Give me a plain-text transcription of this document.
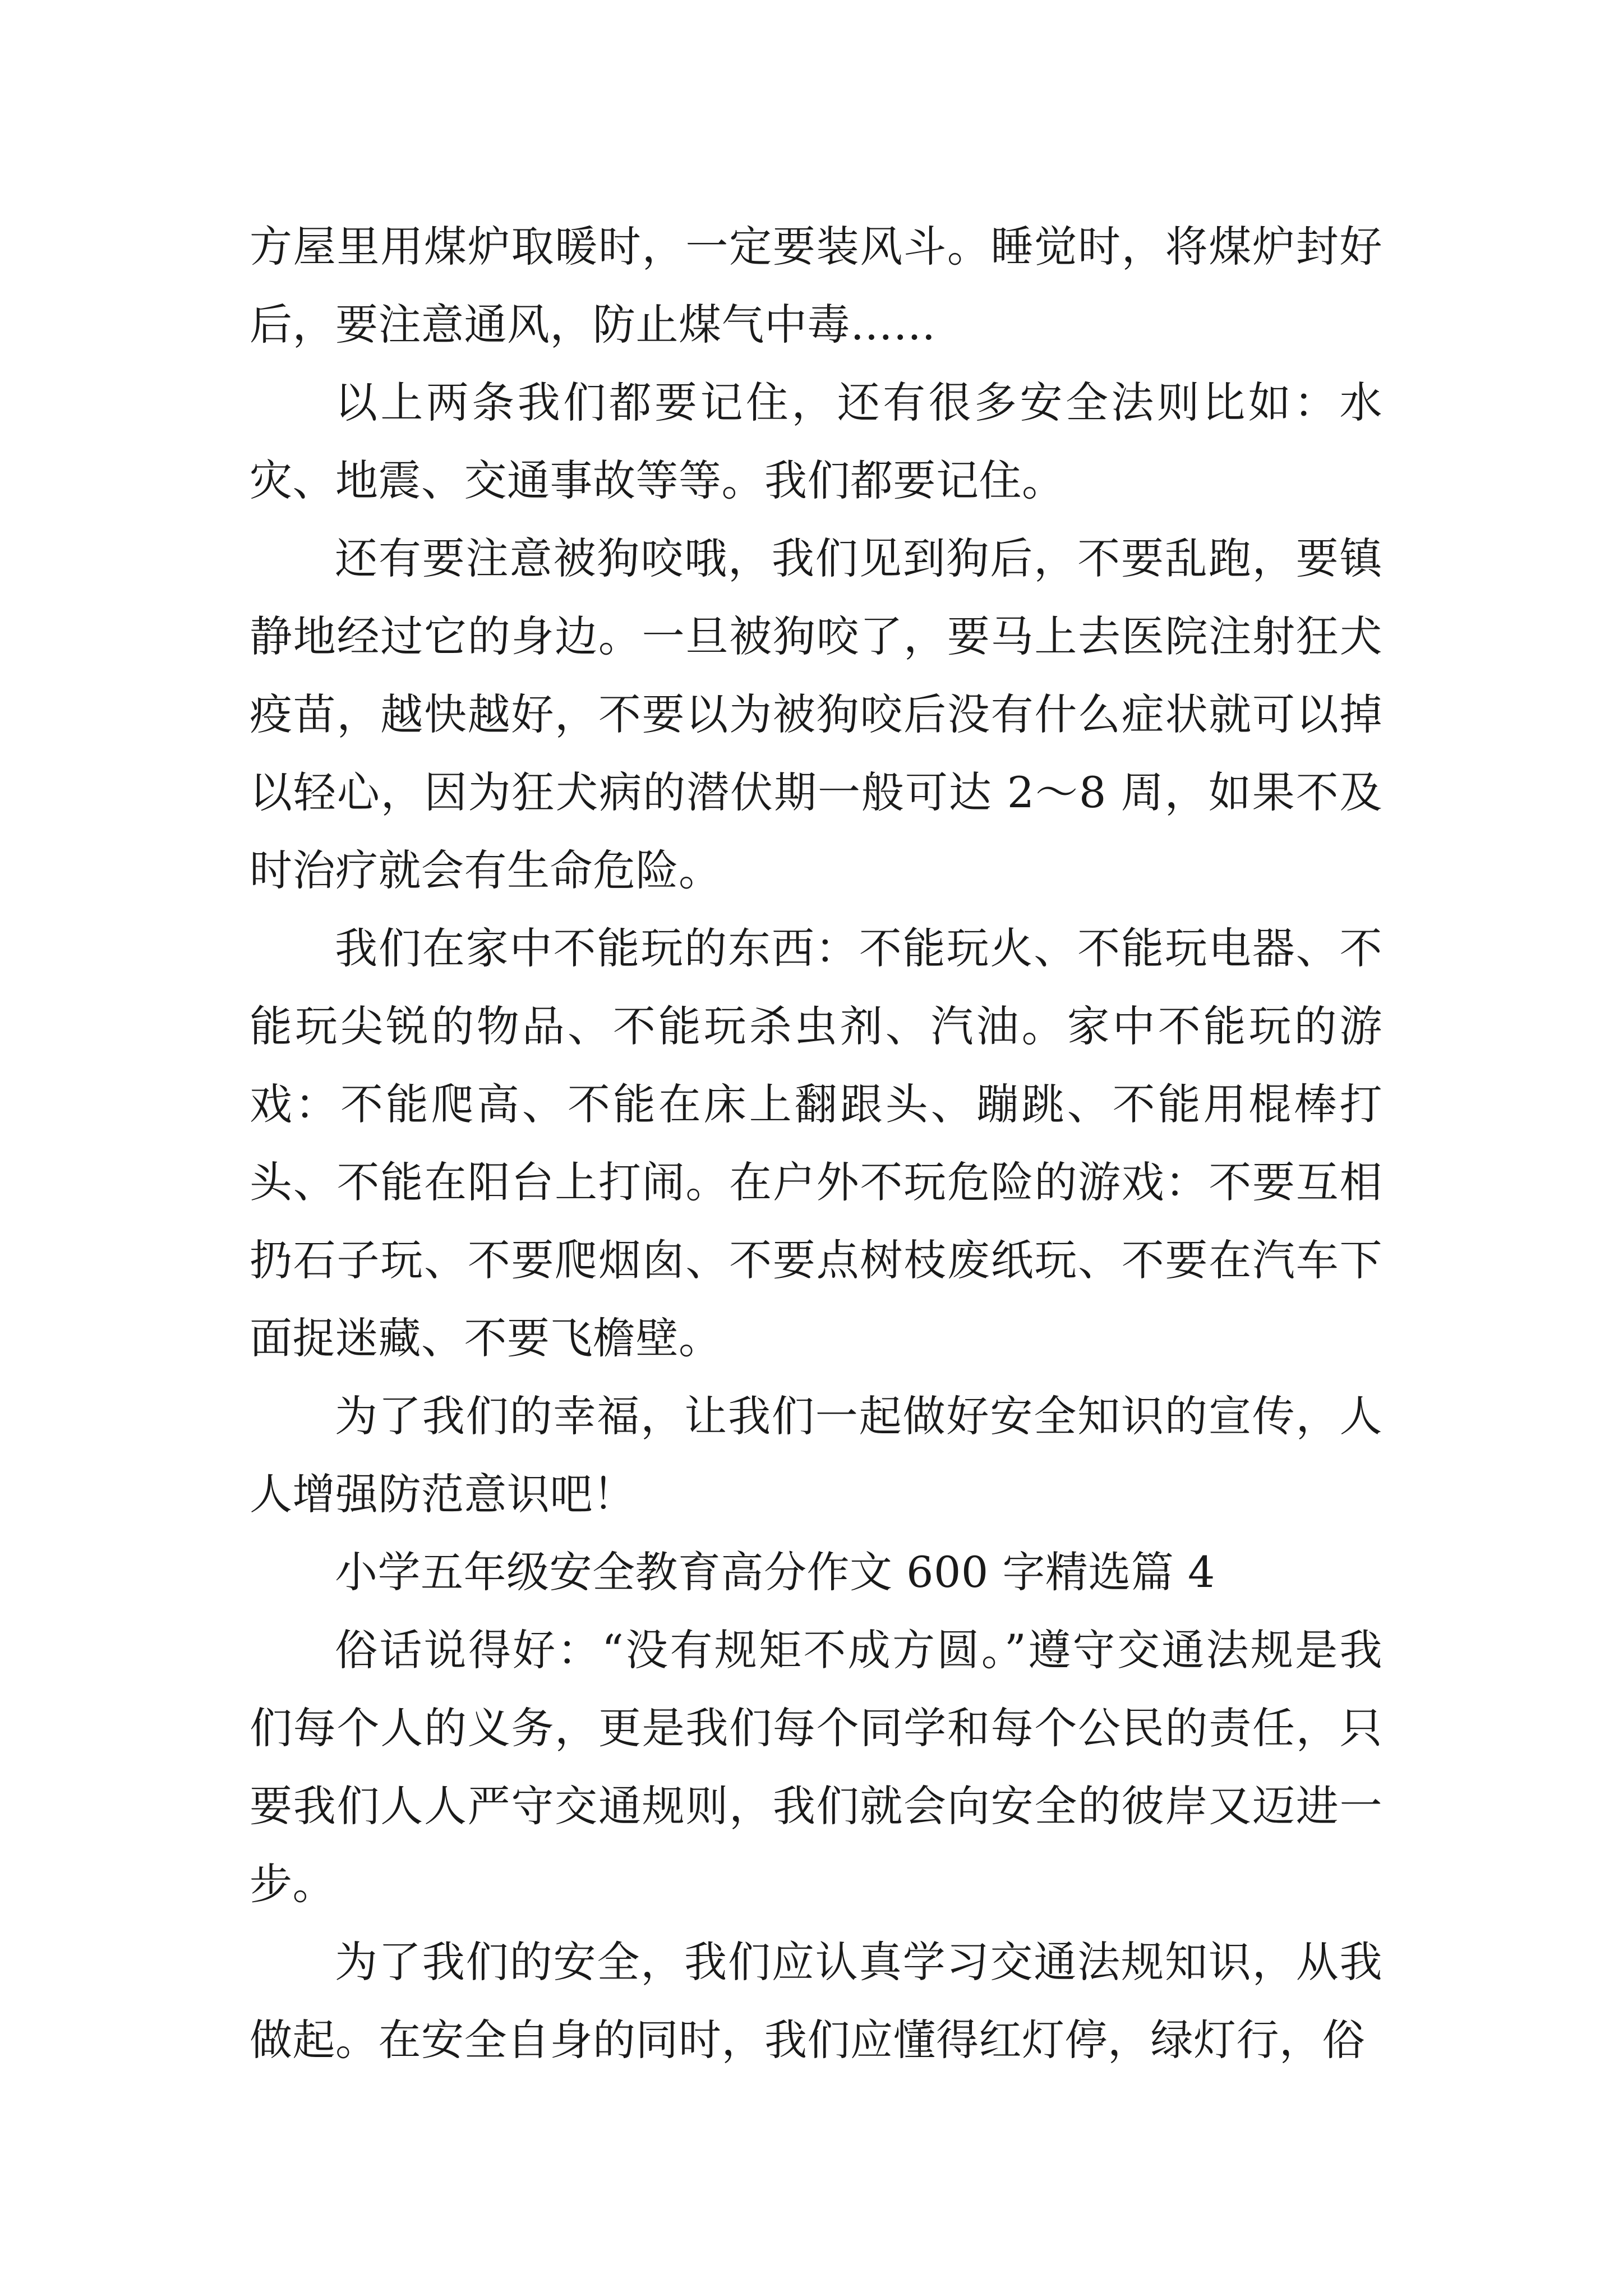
方屋里用煤炉取暖时，一定要装风斗。睡觉时，将煤炉封好后，要注意通风，防止煤气中毒……

以上两条我们都要记住，还有很多安全法则比如：水灾、地震、交通事故等等。我们都要记住。

还有要注意被狗咬哦，我们见到狗后，不要乱跑，要镇静地经过它的身边。一旦被狗咬了，要马上去医院注射狂犬疫苗，越快越好，不要以为被狗咬后没有什么症状就可以掉以轻心，因为狂犬病的潜伏期一般可达 2～8 周，如果不及时治疗就会有生命危险。

我们在家中不能玩的东西：不能玩火、不能玩电器、不能玩尖锐的物品、不能玩杀虫剂、汽油。家中不能玩的游戏：不能爬高、不能在床上翻跟头、蹦跳、不能用棍棒打头、不能在阳台上打闹。在户外不玩危险的游戏：不要互相扔石子玩、不要爬烟囱、不要点树枝废纸玩、不要在汽车下面捉迷藏、不要飞檐壁。

为了我们的幸福，让我们一起做好安全知识的宣传，人人增强防范意识吧！

小学五年级安全教育高分作文 600 字精选篇 4

俗话说得好：“没有规矩不成方圆。”遵守交通法规是我们每个人的义务，更是我们每个同学和每个公民的责任，只要我们人人严守交通规则，我们就会向安全的彼岸又迈进一步。

为了我们的安全，我们应认真学习交通法规知识，从我做起。在安全自身的同时，我们应懂得红灯停，绿灯行，俗
